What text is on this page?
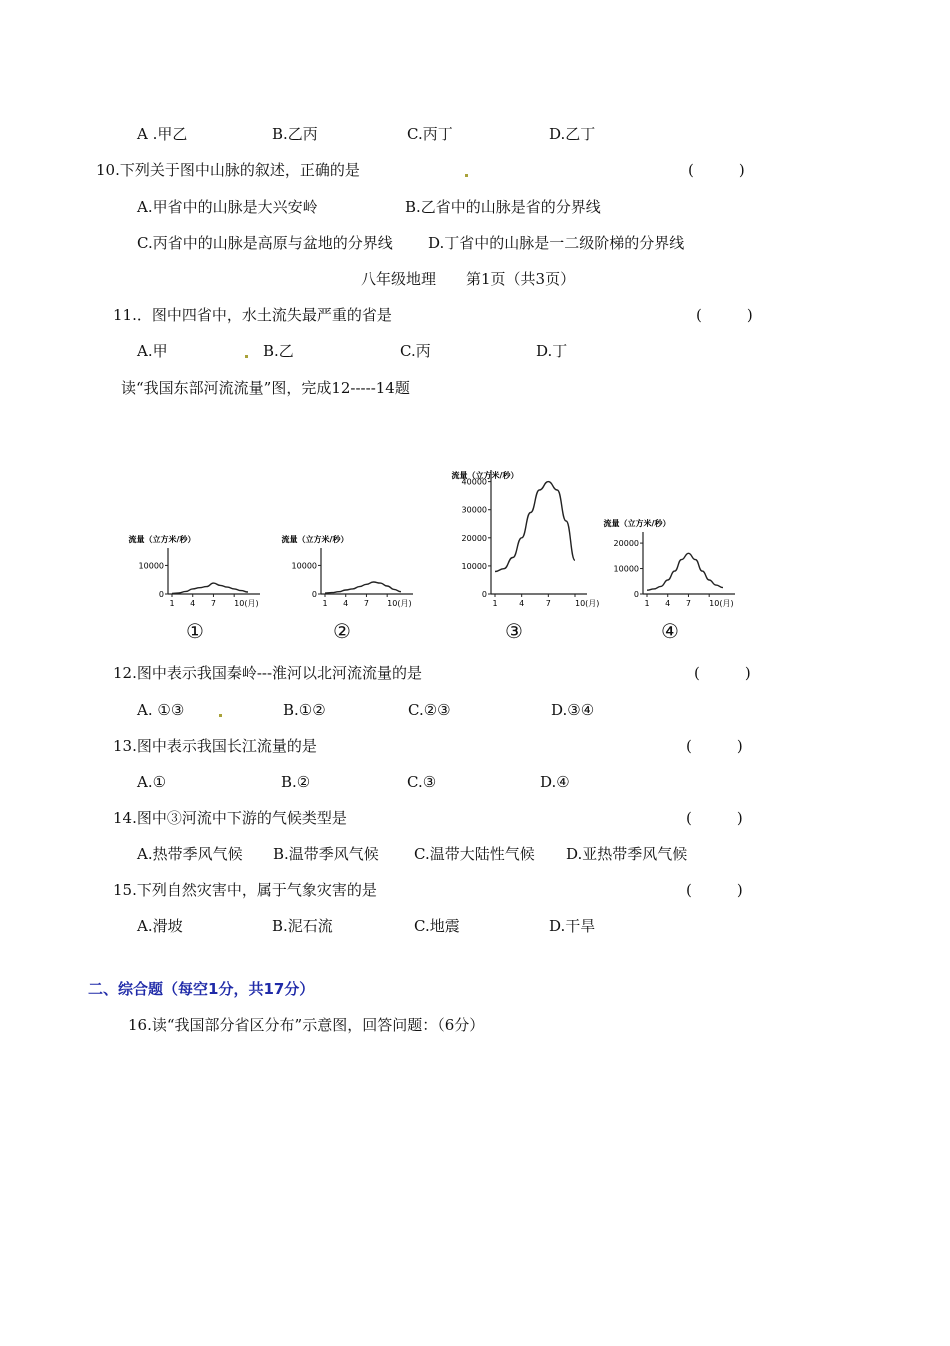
A .甲乙	B.乙丙	C.丙丁	D.乙丁
10.下列关于图中山脉的叙述，正确的是	(　　　)
A.甲省中的山脉是大兴安岭	B.乙省中的山脉是省的分界线
C.丙省中的山脉是高原与盆地的分界线 D.丁省中的山脉是一二级阶梯的分界线
八年级地理　　第1页（共3页）
11.．图中四省中，水土流失最严重的省是	(　　　)
A.甲	B.乙	C.丙	D.丁
读“我国东部河流流量”图，完成12-----14题
流量（立方米/秒）
0
10000
1 4 7 10(月)
流量（立方米/秒）
0
10000
1 4 7 10(月)
流量（立方米/秒）
0
10000
20000
30000
40000
1	4	7	10(月)
流量（立方米/秒）
0
10000
20000
1 4 7 10(月)
①	②	③	④
12.图中表示我国秦岭---淮河以北河流流量的是	(　　　)
A. ①③	B.①②	C.②③	D.③④
13.图中表示我国长江流量的是	(　　　)
A.①	B.②	C.③	D.④
14.图中③河流中下游的气候类型是	(　　　)
A.热带季风气候 B.温带季风气候 C.温带大陆性气候 D.亚热带季风气候
15.下列自然灾害中，属于气象灾害的是	(　　　)
A.滑坡	B.泥石流	C.地震	D.干旱
二、综合题（每空1分，共17分）
16.读“我国部分省区分布”示意图，回答问题：（6分）
